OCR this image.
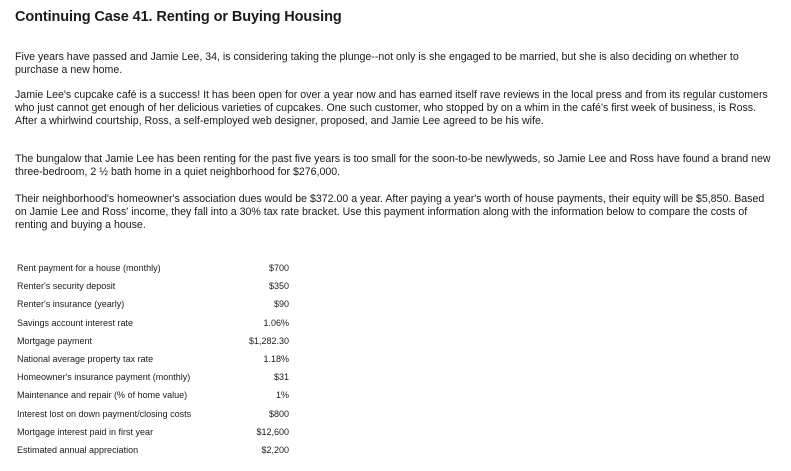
Continuing Case 41. Renting or Buying Housing

Five years have passed and Jamie Lee, 34, is considering taking the plunge--not only is she engaged to be married, but she is also deciding on whether to purchase a new home.

Jamie Lee's cupcake café is a success! It has been open for over a year now and has earned itself rave reviews in the local press and from its regular customers who just cannot get enough of her delicious varieties of cupcakes. One such customer, who stopped by on a whim in the café's first week of business, is Ross. After a whirlwind courtship, Ross, a self-employed web designer, proposed, and Jamie Lee agreed to be his wife.

The bungalow that Jamie Lee has been renting for the past five years is too small for the soon-to-be newlyweds, so Jamie Lee and Ross have found a brand new three-bedroom, 2 ½ bath home in a quiet neighborhood for $276,000.

Their neighborhood's homeowner's association dues would be $372.00 a year. After paying a year's worth of house payments, their equity will be $5,850. Based on Jamie Lee and Ross' income, they fall into a 30% tax rate bracket. Use this payment information along with the information below to compare the costs of renting and buying a house.

Rent payment for a house (monthly)	$700
Renter's security deposit	$350
Renter's insurance (yearly)	$90
Savings account interest rate	1.06%
Mortgage payment	$1,282.30
National average property tax rate	1.18%
Homeowner's insurance payment (monthly)	$31
Maintenance and repair (% of home value)	1%
Interest lost on down payment/closing costs	$800
Mortgage interest paid in first year	$12,600
Estimated annual appreciation	$2,200
